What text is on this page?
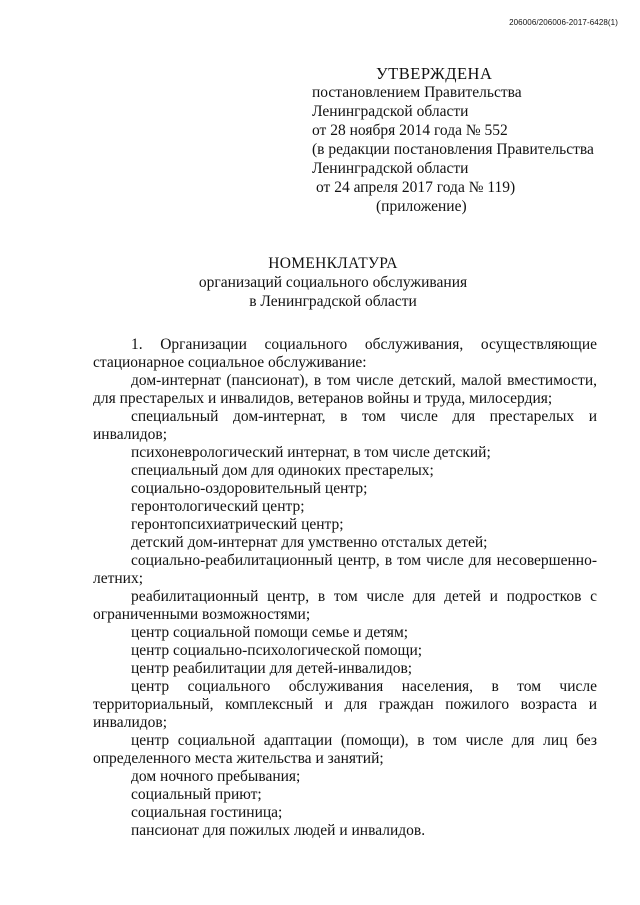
206006/206006-2017-6428(1)
УТВЕРЖДЕНА
постановлением Правительства
Ленинградской области
от 28 ноября 2014 года № 552
(в редакции постановления Правительства
Ленинградской области
от 24 апреля 2017 года № 119)
(приложение)
НОМЕНКЛАТУРА
организаций социального обслуживания
в Ленинградской области

1. Организации социального обслуживания, осуществляющие стационарное социальное обслуживание:

дом-интернат (пансионат), в том числе детский, малой вместимости, для престарелых и инвалидов, ветеранов войны и труда, милосердия;

специальный дом-интернат, в том числе для престарелых и инвалидов;

психоневрологический интернат, в том числе детский;

специальный дом для одиноких престарелых;

социально-оздоровительный центр;

геронтологический центр;

геронтопсихиатрический центр;

детский дом-интернат для умственно отсталых детей;

социально-реабилитационный центр, в том числе для несовершенно-летних;

реабилитационный центр, в том числе для детей и подростков с ограниченными возможностями;

центр социальной помощи семье и детям;

центр социально-психологической помощи;

центр реабилитации для детей-инвалидов;

центр социального обслуживания населения, в том числе территориальный, комплексный и для граждан пожилого возраста и инвалидов;

центр социальной адаптации (помощи), в том числе для лиц без определенного места жительства и занятий;

дом ночного пребывания;

социальный приют;

социальная гостиница;

пансионат для пожилых людей и инвалидов.
